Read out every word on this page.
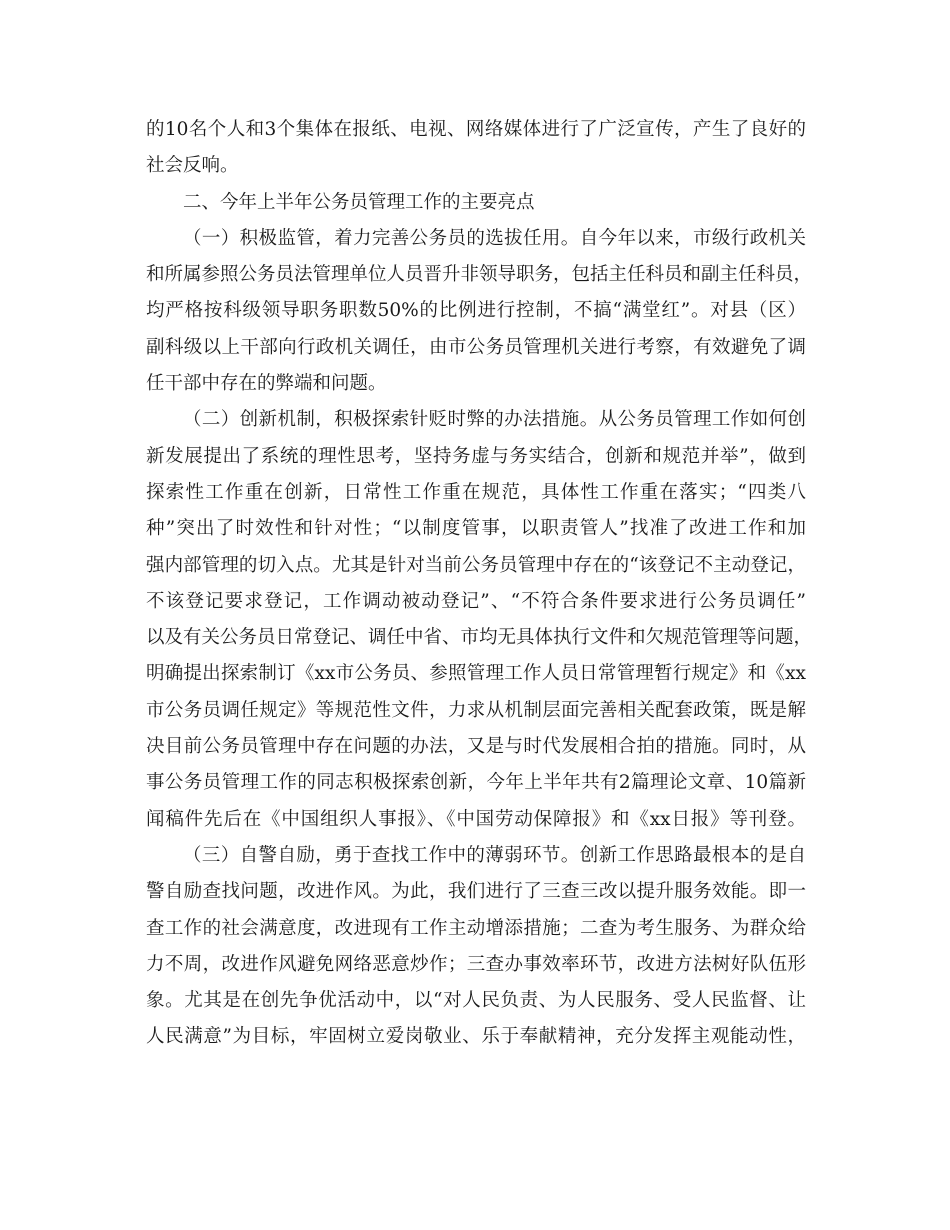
的10名个人和3个集体在报纸、电视、网络媒体进行了广泛宣传，产生了良好的
社会反响。
二、今年上半年公务员管理工作的主要亮点
（一）积极监管，着力完善公务员的选拔任用。自今年以来，市级行政机关
和所属参照公务员法管理单位人员晋升非领导职务，包括主任科员和副主任科员，
均严格按科级领导职务职数50%的比例进行控制，不搞“满堂红”。对县（区）
副科级以上干部向行政机关调任，由市公务员管理机关进行考察，有效避免了调
任干部中存在的弊端和问题。
（二）创新机制，积极探索针贬时弊的办法措施。从公务员管理工作如何创
新发展提出了系统的理性思考，坚持务虚与务实结合，创新和规范并举”，做到
探索性工作重在创新，日常性工作重在规范，具体性工作重在落实；“四类八
种”突出了时效性和针对性；“以制度管事，以职责管人”找准了改进工作和加
强内部管理的切入点。尤其是针对当前公务员管理中存在的“该登记不主动登记，
不该登记要求登记，工作调动被动登记”、“不符合条件要求进行公务员调任”
以及有关公务员日常登记、调任中省、市均无具体执行文件和欠规范管理等问题，
明确提出探索制订《xx市公务员、参照管理工作人员日常管理暂行规定》和《xx
市公务员调任规定》等规范性文件，力求从机制层面完善相关配套政策，既是解
决目前公务员管理中存在问题的办法，又是与时代发展相合拍的措施。同时，从
事公务员管理工作的同志积极探索创新，今年上半年共有2篇理论文章、10篇新
闻稿件先后在《中国组织人事报》、《中国劳动保障报》和《xx日报》等刊登。
（三）自警自励，勇于查找工作中的薄弱环节。创新工作思路最根本的是自
警自励查找问题，改进作风。为此，我们进行了三查三改以提升服务效能。即一
查工作的社会满意度，改进现有工作主动增添措施；二查为考生服务、为群众给
力不周，改进作风避免网络恶意炒作；三查办事效率环节，改进方法树好队伍形
象。尤其是在创先争优活动中，以“对人民负责、为人民服务、受人民监督、让
人民满意”为目标，牢固树立爱岗敬业、乐于奉献精神，充分发挥主观能动性，
